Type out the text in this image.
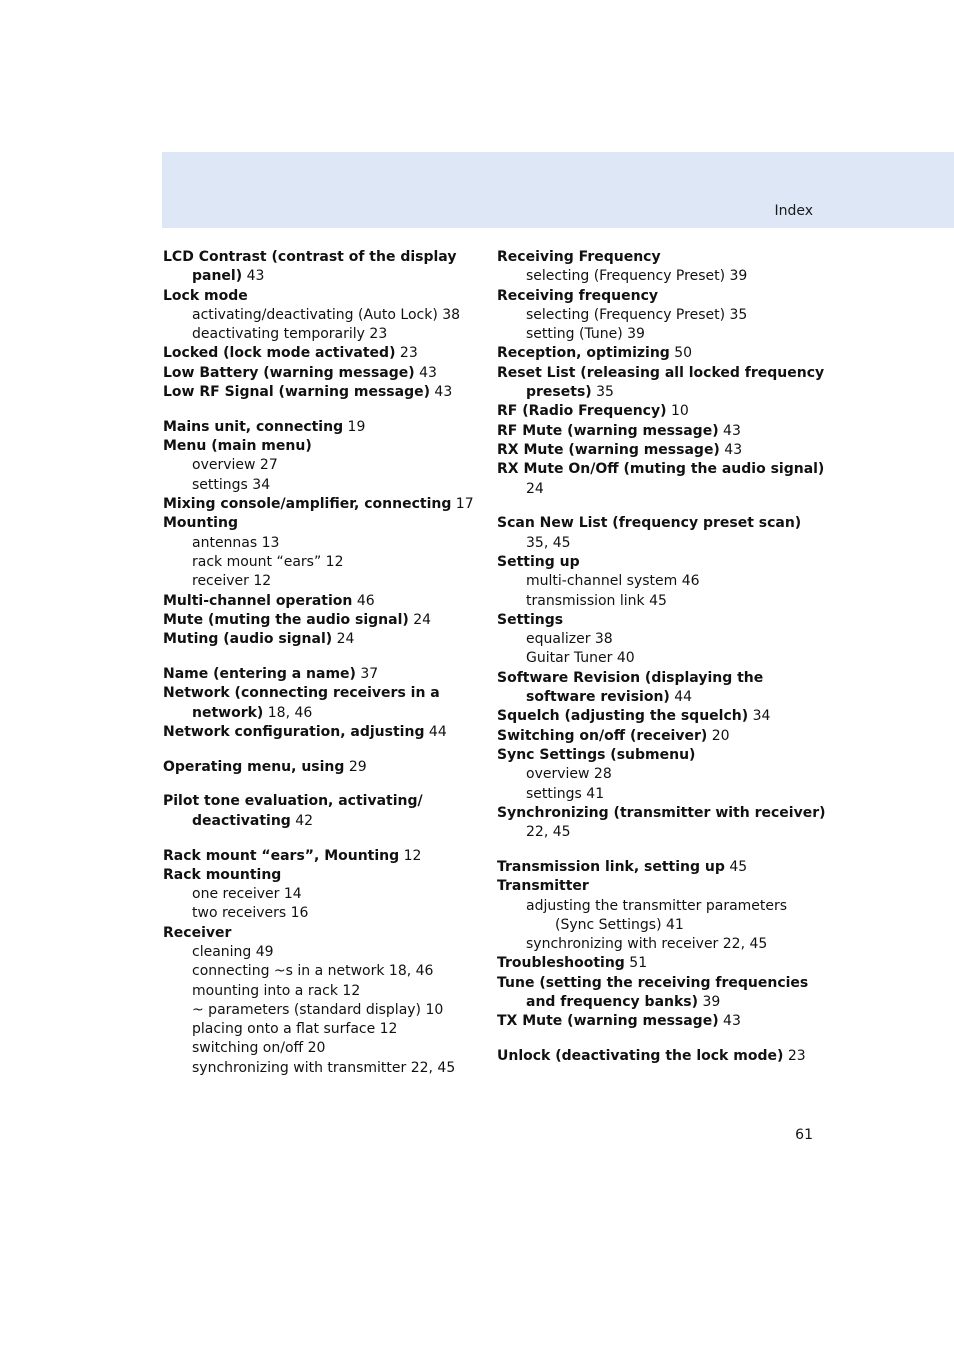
Index
LCD Contrast (contrast of the display panel) 43
Lock mode
activating/deactivating (Auto Lock) 38
deactivating temporarily 23
Locked (lock mode activated) 23
Low Battery (warning message) 43
Low RF Signal (warning message) 43
Mains unit, connecting 19
Menu (main menu)
overview 27
settings 34
Mixing console/amplifier, connecting 17
Mounting
antennas 13
rack mount “ears” 12
receiver 12
Multi-channel operation 46
Mute (muting the audio signal) 24
Muting (audio signal) 24
Name (entering a name) 37
Network (connecting receivers in a network) 18, 46
Network configuration, adjusting 44
Operating menu, using 29
Pilot tone evaluation, activating/ deactivating 42
Rack mount “ears”, Mounting 12
Rack mounting
one receiver 14
two receivers 16
Receiver
cleaning 49
connecting ~s in a network 18, 46
mounting into a rack 12
~ parameters (standard display) 10
placing onto a flat surface 12
switching on/off 20
synchronizing with transmitter 22, 45
Receiving Frequency
selecting (Frequency Preset) 39
Receiving frequency
selecting (Frequency Preset) 35
setting (Tune) 39
Reception, optimizing 50
Reset List (releasing all locked frequency presets) 35
RF (Radio Frequency) 10
RF Mute (warning message) 43
RX Mute (warning message) 43
RX Mute On/Off (muting the audio signal) 24
Scan New List (frequency preset scan) 35, 45
Setting up
multi-channel system 46
transmission link 45
Settings
equalizer 38
Guitar Tuner 40
Software Revision (displaying the software revision) 44
Squelch (adjusting the squelch) 34
Switching on/off (receiver) 20
Sync Settings (submenu)
overview 28
settings 41
Synchronizing (transmitter with receiver) 22, 45
Transmission link, setting up 45
Transmitter
adjusting the transmitter parameters (Sync Settings) 41
synchronizing with receiver 22, 45
Troubleshooting 51
Tune (setting the receiving frequencies and frequency banks) 39
TX Mute (warning message) 43
Unlock (deactivating the lock mode) 23
61
